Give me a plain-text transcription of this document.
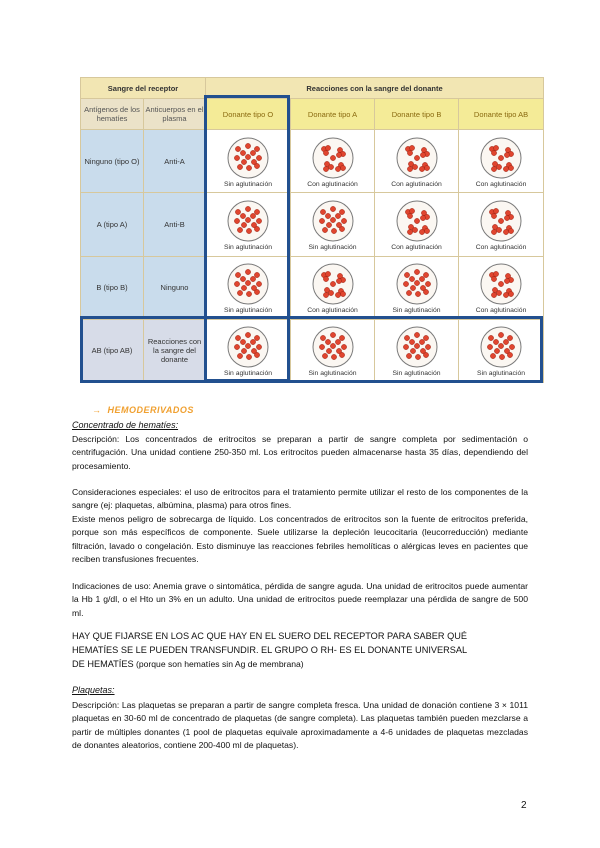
Sangre del receptor		Reacciones con la sangre del donante			
Antígenos de los hematíes	Anticuerpos en el plasma	Donante tipo O	Donante tipo A	Donante tipo B	Donante tipo AB
Ninguno (tipo O)	Anti-A	Sin aglutinación	Con aglutinación	Con aglutinación	Con aglutinación

A (tipo A)	Anti-B	Sin aglutinación	Sin aglutinación	Con aglutinación	Con aglutinación

B (tipo B)	Ninguno	Sin aglutinación	Con aglutinación	Sin aglutinación	Con aglutinación

AB (tipo AB)	Reacciones con la sangre del donante	Sin aglutinación	Sin aglutinación	Sin aglutinación	Sin aglutinación
→ HEMODERIVADOS

Concentrado de hematíes:

Descripción: Los concentrados de eritrocitos se preparan a partir de sangre completa por sedimentación o centrifugación. Una unidad contiene 250-350 ml. Los eritrocitos pueden almacenarse hasta 35 días, dependiendo del procesamiento.

Consideraciones especiales: el uso de eritrocitos para el tratamiento permite utilizar el resto de los componentes de la sangre (ej: plaquetas, albúmina, plasma) para otros fines.

Existe menos peligro de sobrecarga de líquido. Los concentrados de eritrocitos son la fuente de eritrocitos preferida, porque son más específicos de componente. Suele utilizarse la depleción leucocitaria (leucorreducción) mediante filtración, lavado o congelación. Esto disminuye las reacciones febriles hemolíticas o alérgicas leves en pacientes que reciben transfusiones frecuentes.

Indicaciones de uso: Anemia grave o sintomática, pérdida de sangre aguda. Una unidad de eritrocitos puede aumentar la Hb 1 g/dl, o el Hto un 3% en un adulto. Una unidad de eritrocitos puede reemplazar una pérdida de sangre de 500 ml.

HAY QUE FIJARSE EN LOS AC QUE HAY EN EL SUERO DEL RECEPTOR PARA SABER QUÉ

HEMATÍES SE LE PUEDEN TRANSFUNDIR. EL GRUPO O RH- ES EL DONANTE UNIVERSAL

DE HEMATÍES (porque son hematíes sin Ag de membrana)

Plaquetas:

Descripción: Las plaquetas se preparan a partir de sangre completa fresca. Una unidad de donación contiene 3 × 1011 plaquetas en 30-60 ml de concentrado de plaquetas (de sangre completa). Las plaquetas también pueden mezclarse a partir de múltiples donantes (1 pool de plaquetas equivale aproximadamente a 4-6 unidades de plaquetas mezcladas de donantes aleatorios, contiene 200-400 ml de plaquetas).

2
